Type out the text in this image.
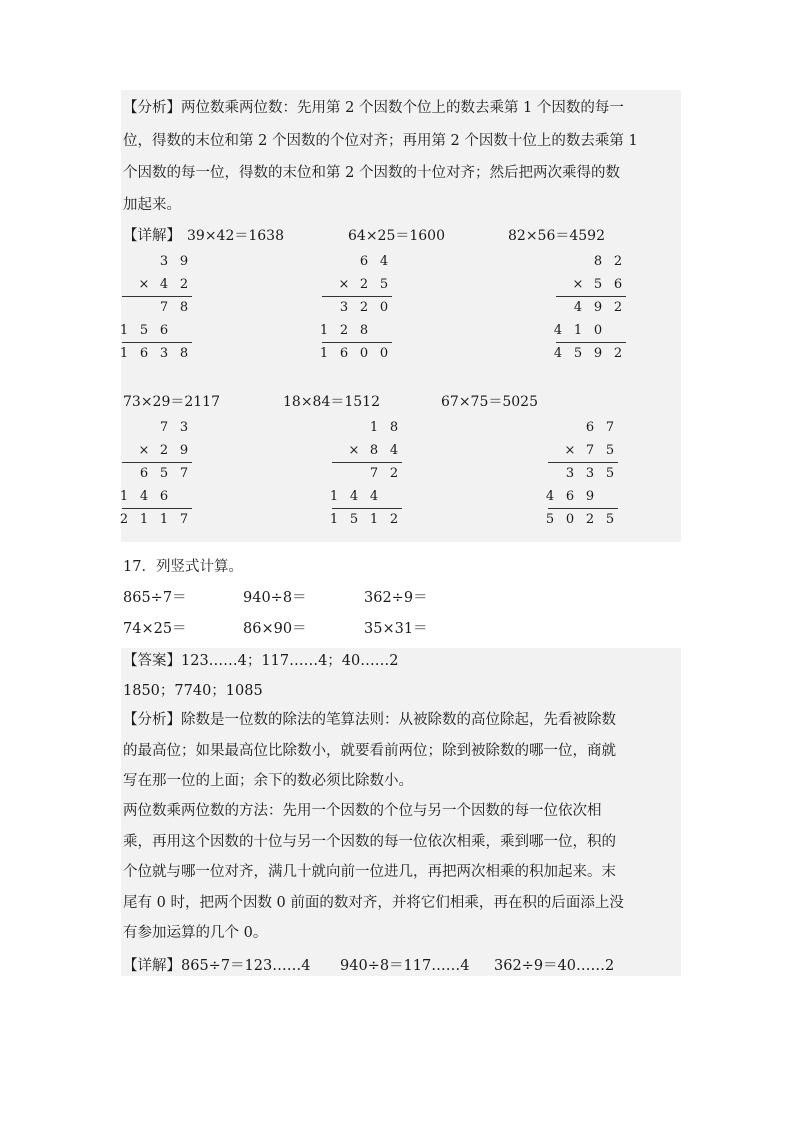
【分析】两位数乘两位数：先用第 2 个因数个位上的数去乘第 1 个因数的每一
位，得数的末位和第 2 个因数的个位对齐；再用第 2 个因数十位上的数去乘第 1
个因数的每一位，得数的末位和第 2 个因数的十位对齐；然后把两次乘得的数
加起来。
【详解】 39×42＝1638	64×25＝1600	82×56＝4592
73×29＝2117	18×84＝1512	67×75＝5025
3 9
× 4 2
7 8
1 5 6
1 6 3 8
6 4
× 2 5
3 2 0
1 2 8
1 6 0 0
8 2
× 5 6
4 9 2
4 1 0
4 5 9 2
7 3
× 2 9
6 5 7
1 4 6
2 1 1 7
1 8
× 8 4
7 2
1 4 4
1 5 1 2
6 7
× 7 5
3 3 5
4 6 9
5 0 2 5
17．列竖式计算。
865÷7＝	940÷8＝	362÷9＝
74×25＝	86×90＝	35×31＝
【答案】123……4；117……4；40……2
1850；7740；1085
【分析】除数是一位数的除法的笔算法则：从被除数的高位除起，先看被除数
的最高位；如果最高位比除数小，就要看前两位；除到被除数的哪一位，商就
写在那一位的上面；余下的数必须比除数小。
两位数乘两位数的方法：先用一个因数的个位与另一个因数的每一位依次相
乘，再用这个因数的十位与另一个因数的每一位依次相乘，乘到哪一位，积的
个位就与哪一位对齐，满几十就向前一位进几，再把两次相乘的积加起来。末
尾有 0 时，把两个因数 0 前面的数对齐，并将它们相乘，再在积的后面添上没
有参加运算的几个 0。
【详解】865÷7＝123……4 940÷8＝117……4 362÷9＝40……2
